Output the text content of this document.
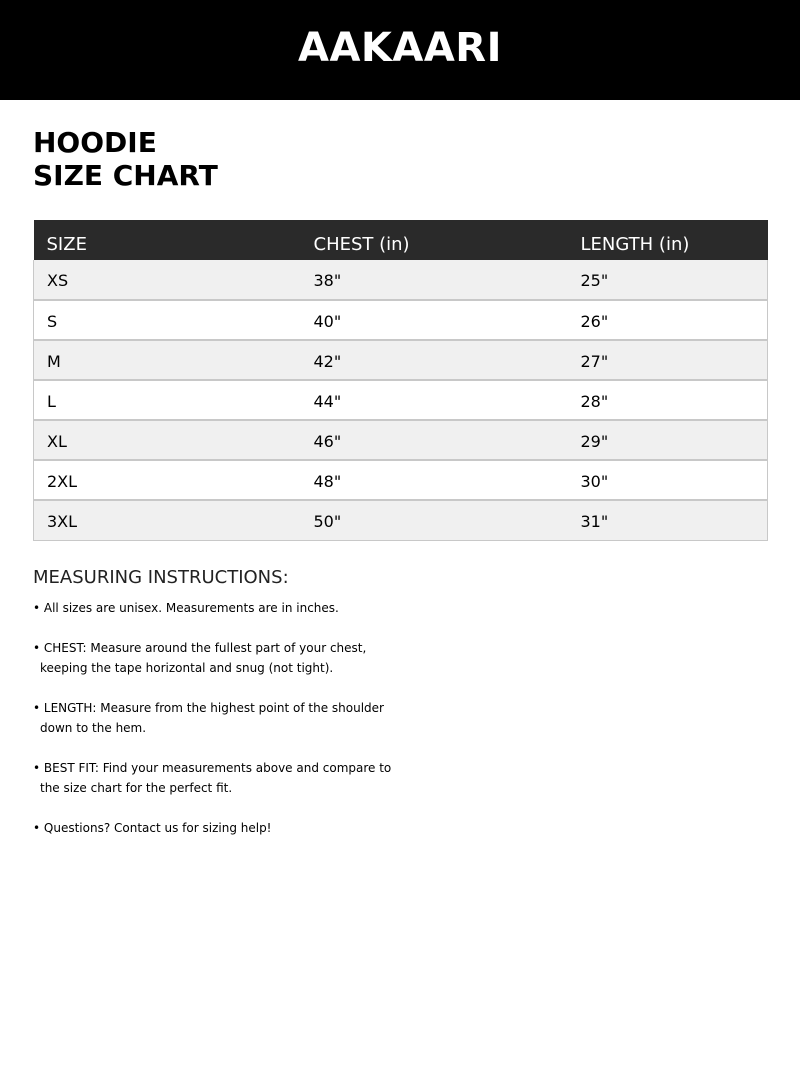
AAKAARI
HOODIE
SIZE CHART
SIZE	CHEST (in)	LENGTH (in)
XS	38"	25"
S	40"	26"
M	42"	27"
L	44"	28"
XL	46"	29"
2XL	48"	30"
3XL	50"	31"
MEASURING INSTRUCTIONS:
• All sizes are unisex. Measurements are in inches.
• CHEST: Measure around the fullest part of your chest,
keeping the tape horizontal and snug (not tight).
• LENGTH: Measure from the highest point of the shoulder
down to the hem.
• BEST FIT: Find your measurements above and compare to
the size chart for the perfect fit.
• Questions? Contact us for sizing help!
